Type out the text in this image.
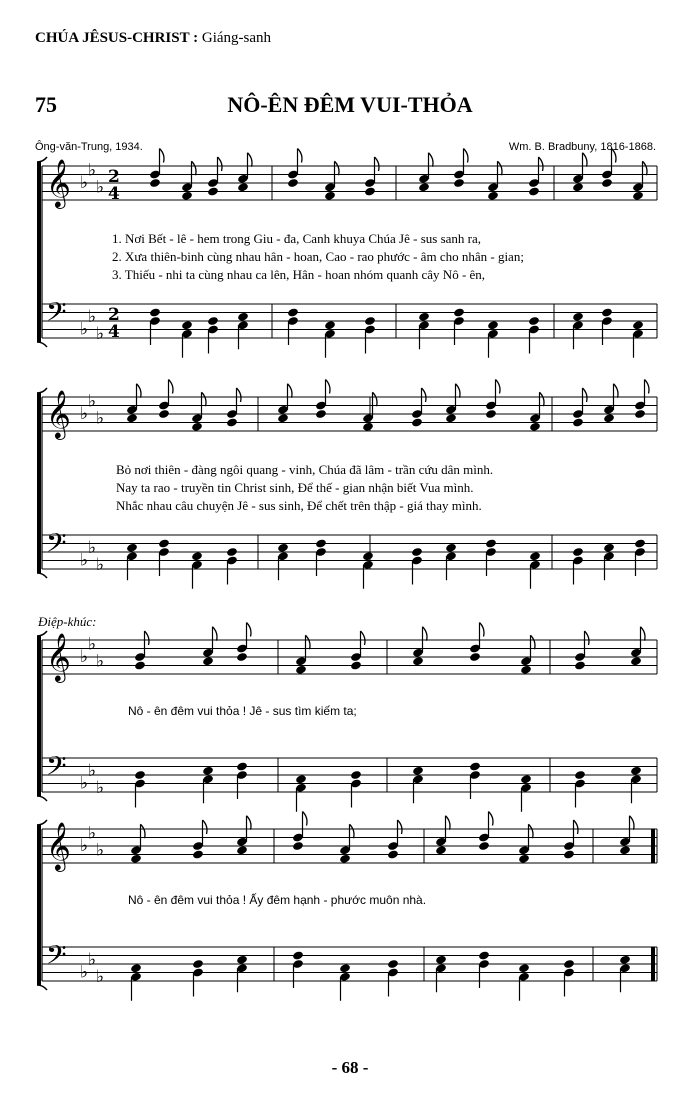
CHÚA JÊSUS-CHRIST : Giáng-sanh
75	NÔ-ÊN ĐÊM VUI-THỎA
Ông-văn-Trung, 1934.	Wm. B. Bradbuny, 1816-1868.
𝄞 ♭
♭
♭
2
4
𝄢 ♭
♭
♭
2
4
𝄞 ♭
♭
♭
𝄢 ♭
♭
♭
𝄞 ♭
♭
♭
𝄢 ♭
♭
♭
𝄞 ♭
♭
♭
𝄢 ♭
♭
♭
1. Nơi Bết - lê - hem trong Giu - đa, Canh khuya Chúa Jê - sus sanh ra,
2. Xưa thiên-binh cùng nhau hân - hoan, Cao - rao phước - âm cho nhân - gian;
3. Thiếu - nhi ta cùng nhau ca lên, Hân - hoan nhóm quanh cây Nô - ên,
Bỏ nơi thiên - đàng ngôi quang - vinh, Chúa đã lâm - trần cứu dân mình.
Nay ta rao - truyền tin Christ sinh, Để thế - gian nhận biết Vua mình.
Nhắc nhau câu chuyện Jê - sus sinh, Để chết trên thập - giá thay mình.
Điệp-khúc:
Nô - ên đêm vui thỏa ! Jê - sus tìm kiếm ta;
Nô - ên đêm vui thỏa ! Ấy đêm hạnh - phước muôn nhà.
- 68 -
